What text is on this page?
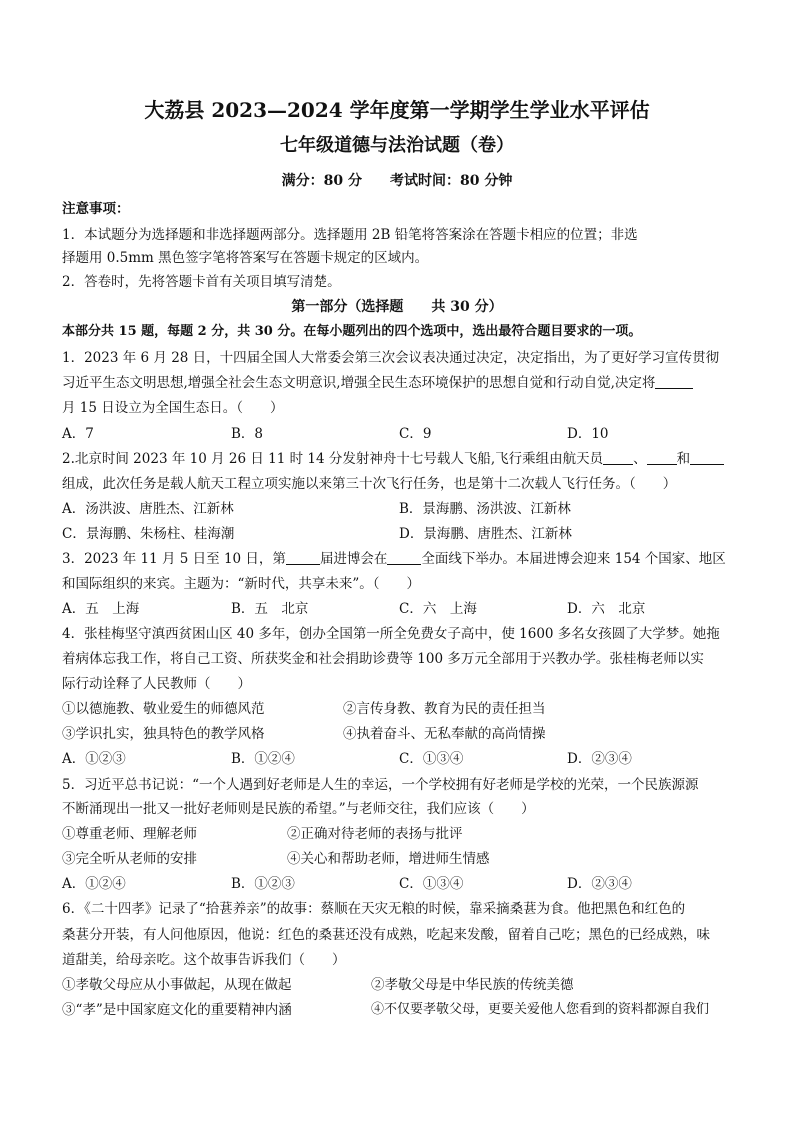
大荔县 2023—2024 学年度第一学期学生学业水平评估
七年级道德与法治试题（卷）
满分：80 分　　考试时间：80 分钟
注意事项：
1．本试题分为选择题和非选择题两部分。选择题用 2B 铅笔将答案涂在答题卡相应的位置；非选
择题用 0.5mm 黑色签字笔将答案写在答题卡规定的区域内。
2．答卷时，先将答题卡首有关项目填写清楚。
第一部分（选择题　　共 30 分）
本部分共 15 题，每题 2 分，共 30 分。在每小题列出的四个选项中，选出最符合题目要求的一项。
1．2023 年 6 月 28 日，十四届全国人大常委会第三次会议表决通过决定，决定指出，为了更好学习宣传贯彻
习近平生态文明思想,增强全社会生态文明意识,增强全民生态环境保护的思想自觉和行动自觉,决定将
月 15 日设立为全国生态日。（　　）
A．7	B．8	C．9	D．10
2.北京时间 2023 年 10 月 26 日 11 时 14 分发射神舟十七号载人飞船,飞行乘组由航天员 、 和
组成，此次任务是载人航天工程立项实施以来第三十次飞行任务，也是第十二次载人飞行任务。（　　）
A．汤洪波、唐胜杰、江新林	B．景海鹏、汤洪波、江新林
C．景海鹏、朱杨柱、桂海潮	D．景海鹏、唐胜杰、江新林
3．2023 年 11 月 5 日至 10 日，第	届进博会在	全面线下举办。本届进博会迎来 154 个国家、地区
和国际组织的来宾。主题为：“新时代，共享未来”。（　　）
A．五　上海	B．五　北京	C．六　上海	D．六　北京
4．张桂梅坚守滇西贫困山区 40 多年，创办全国第一所全免费女子高中，使 1600 多名女孩圆了大学梦。她拖
着病体忘我工作，将自己工资、所获奖金和社会捐助诊费等 100 多万元全部用于兴教办学。张桂梅老师以实
际行动诠释了人民教师（　　）
①以德施教、敬业爱生的师德风范	②言传身教、教育为民的责任担当
③学识扎实，独具特色的教学风格	④执着奋斗、无私奉献的高尚情操
A．①②③	B．①②④	C．①③④	D．②③④
5．习近平总书记说：“一个人遇到好老师是人生的幸运，一个学校拥有好老师是学校的光荣，一个民族源源
不断涌现出一批又一批好老师则是民族的希望。”与老师交往，我们应该（　　）
①尊重老师、理解老师	②正确对待老师的表扬与批评
③完全听从老师的安排	④关心和帮助老师，增进师生情感
A．①②④	B．①②③	C．①③④	D．②③④
6．《二十四孝》记录了“拾葚养亲”的故事：蔡顺在天灾无粮的时候，靠采摘桑葚为食。他把黑色和红色的
桑葚分开装，有人问他原因，他说：红色的桑葚还没有成熟，吃起来发酸，留着自己吃；黑色的已经成熟，味
道甜美，给母亲吃。这个故事告诉我们（　　）
①孝敬父母应从小事做起，从现在做起	②孝敬父母是中华民族的传统美德
③“孝”是中国家庭文化的重要精神内涵	④不仅要孝敬父母，更要关爱他人您看到的资料都源自我们
